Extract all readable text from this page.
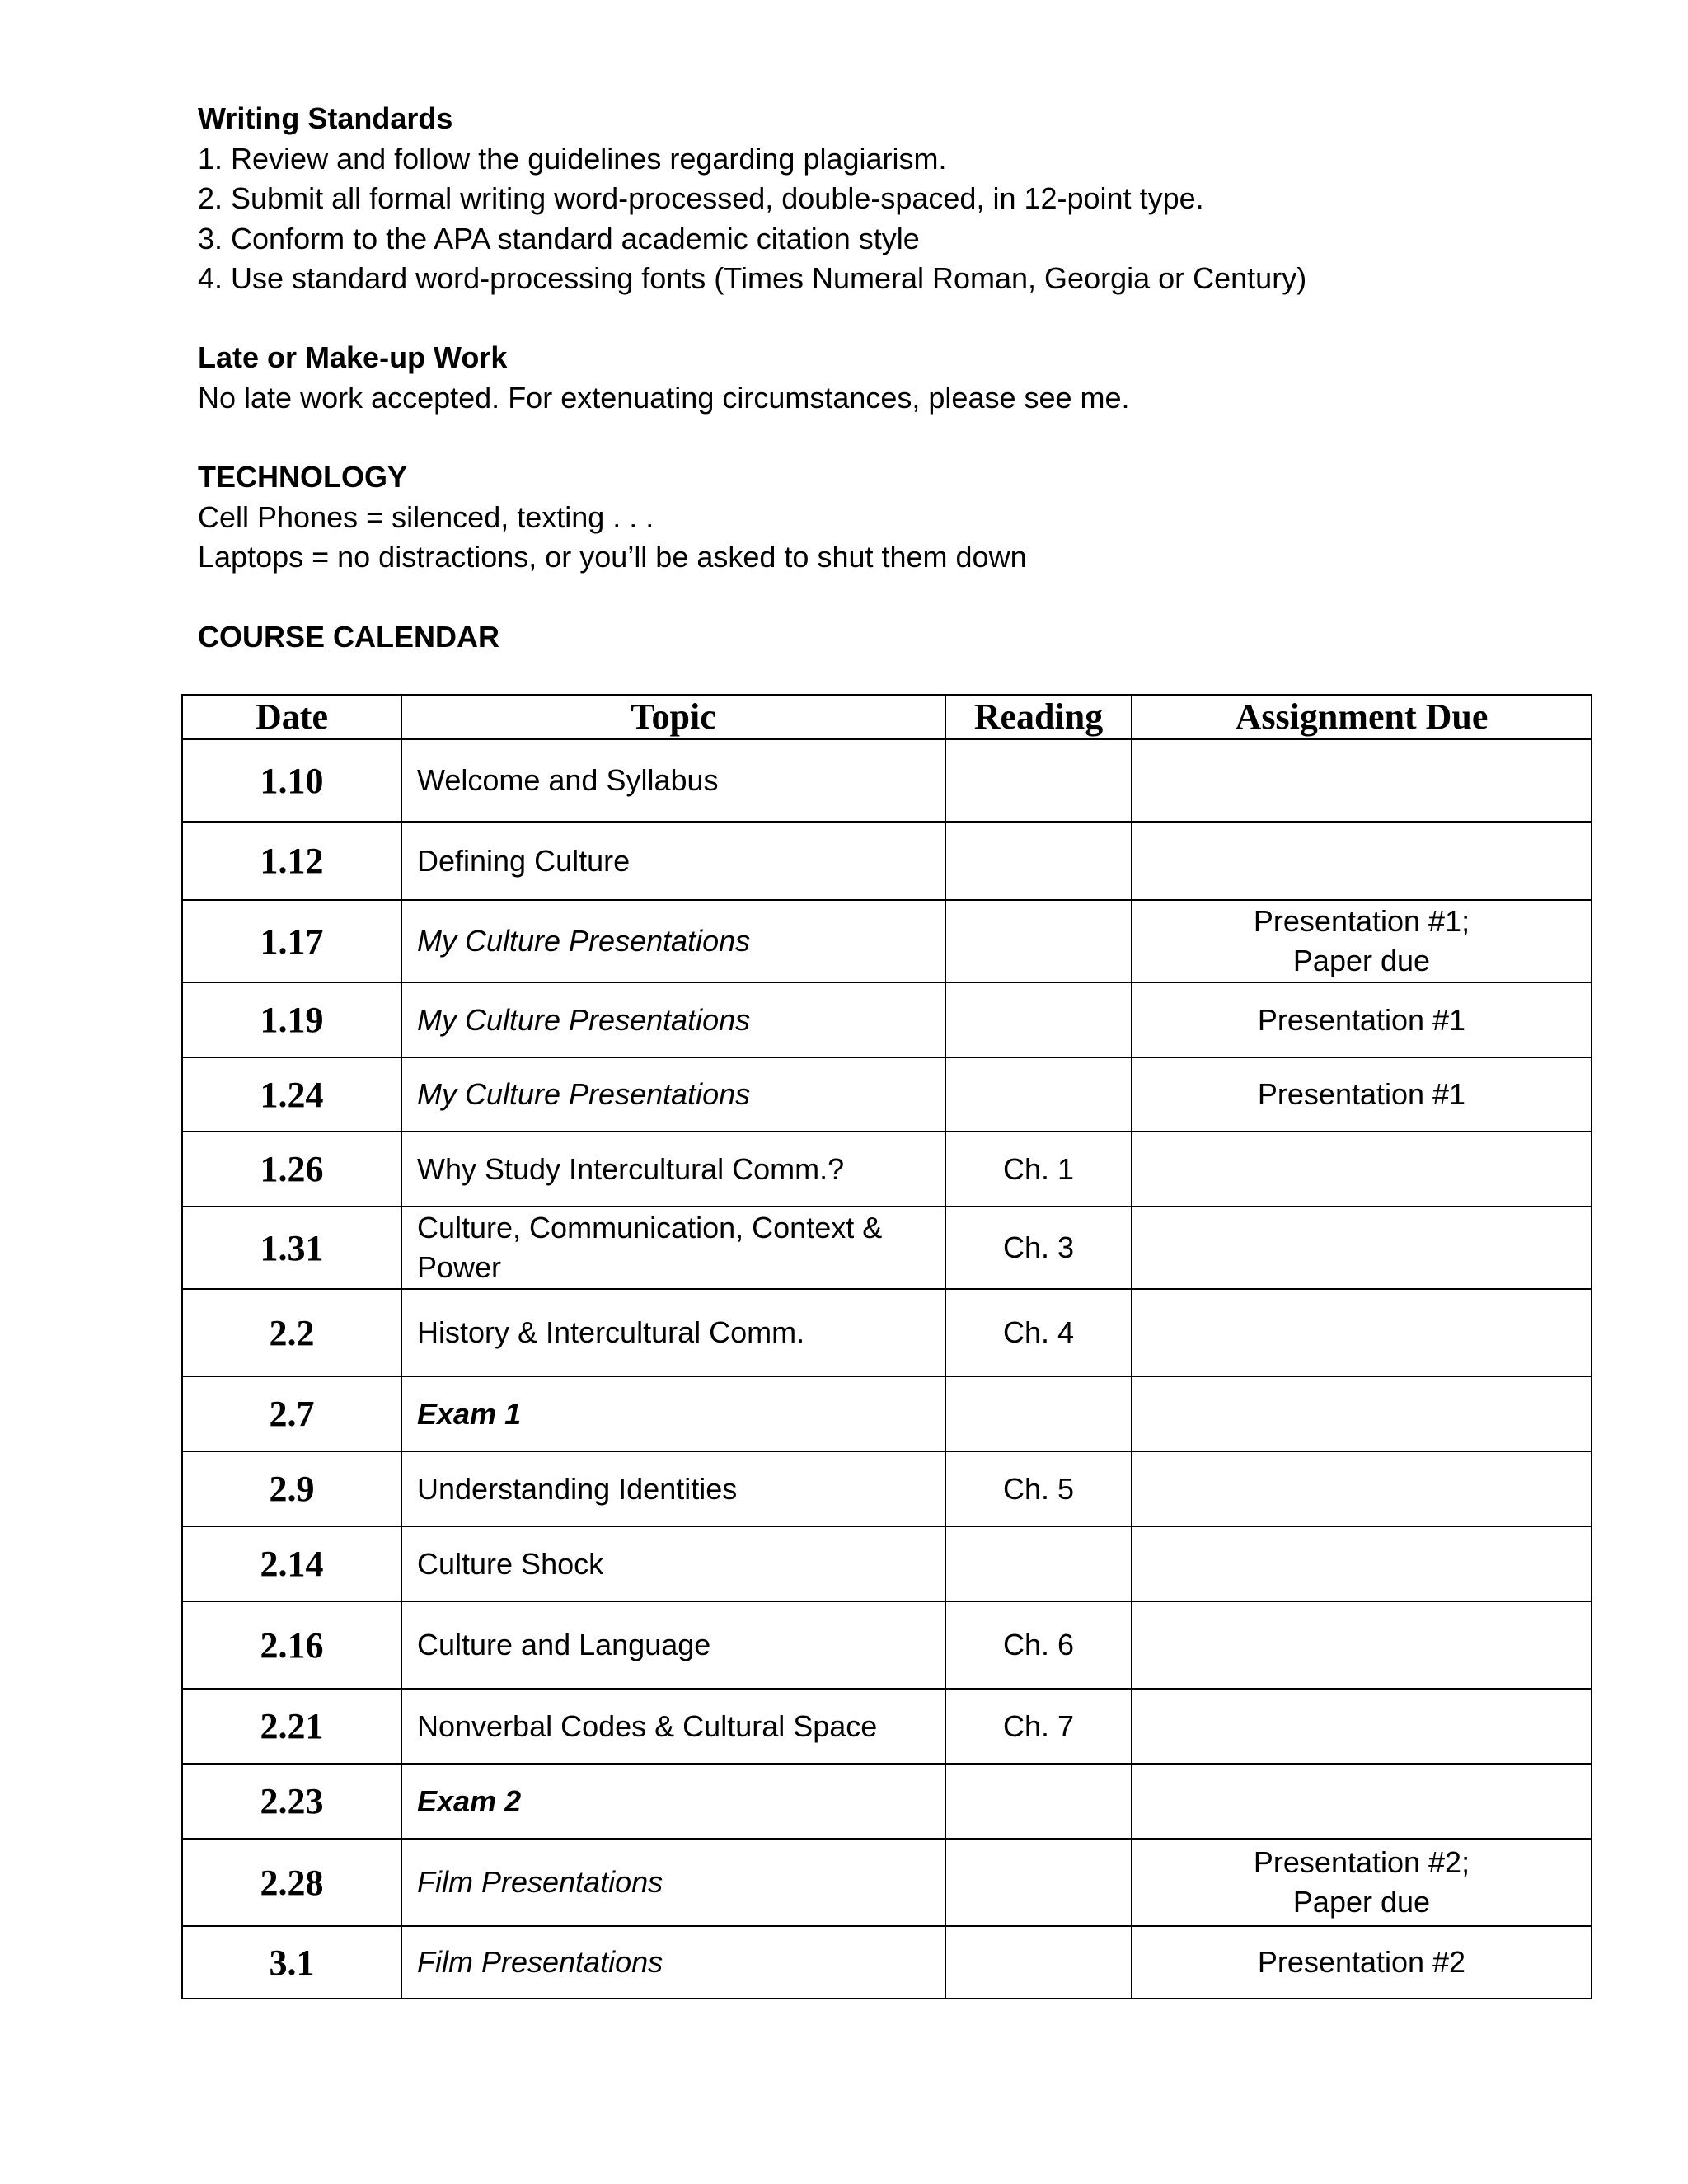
Writing Standards

1. Review and follow the guidelines regarding plagiarism.

2. Submit all formal writing word-processed, double-spaced, in 12-point type.

3. Conform to the APA standard academic citation style

4. Use standard word-processing fonts (Times Numeral Roman, Georgia or Century)

Late or Make-up Work

No late work accepted. For extenuating circumstances, please see me.

TECHNOLOGY

Cell Phones = silenced, texting . . .

Laptops = no distractions, or you’ll be asked to shut them down

COURSE CALENDAR

Date	Topic	Reading	Assignment Due
1.10	Welcome and Syllabus		
1.12	Defining Culture		
1.17	My Culture Presentations		Presentation #1;
Paper due

1.19	My Culture Presentations		Presentation #1

1.24	My Culture Presentations		Presentation #1

1.26	Why Study Intercultural Comm.?	Ch. 1	
1.31	Culture, Communication, Context & Power	Ch. 3	
2.2	History & Intercultural Comm.	Ch. 4	
2.7	Exam 1		
2.9	Understanding Identities	Ch. 5	
2.14	Culture Shock		
2.16	Culture and Language	Ch. 6	
2.21	Nonverbal Codes & Cultural Space	Ch. 7	
2.23	Exam 2		
2.28	Film Presentations		Presentation #2;
Paper due

3.1	Film Presentations		Presentation #2
